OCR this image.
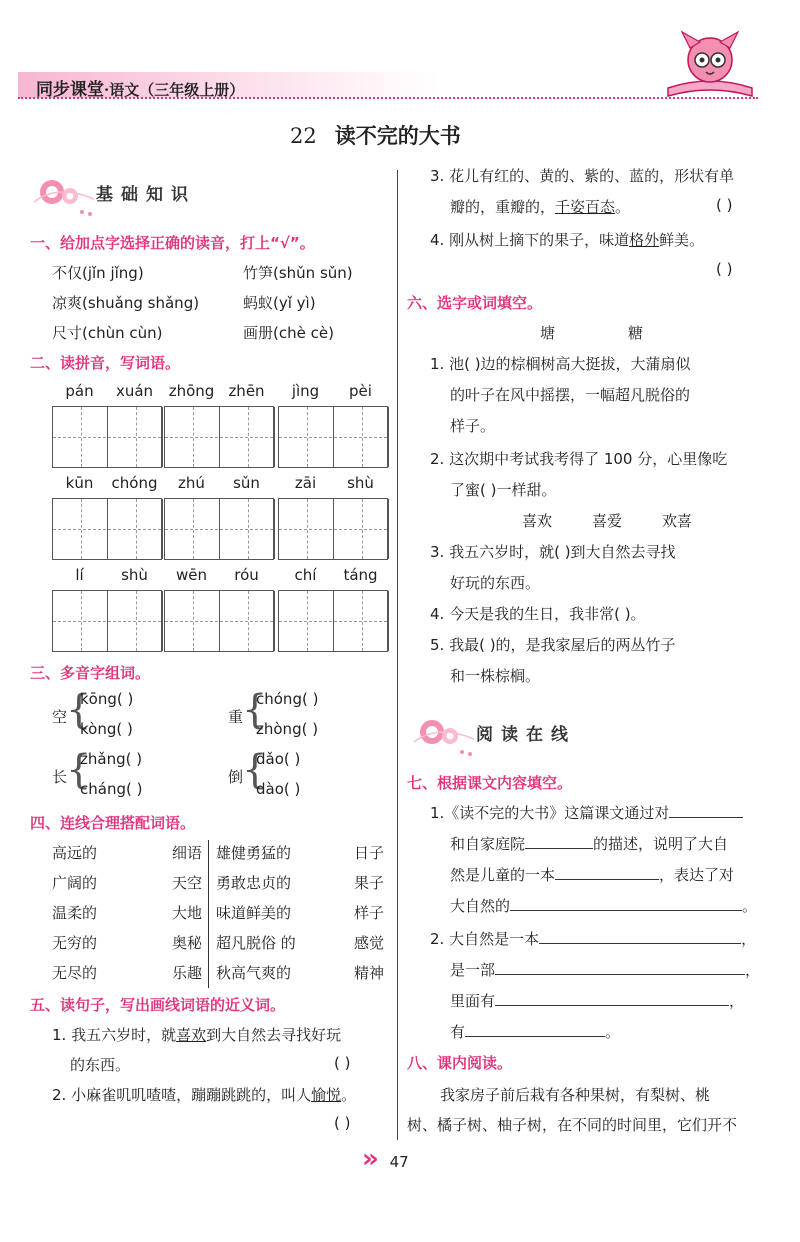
同步课堂·语文（三年级上册）
22 读不完的大书
基础知识
一、给加点字选择正确的读音，打上“√”。
不仅(jǐn jǐng)	竹笋(shǔn sǔn)
凉爽(shuǎng shǎng)	蚂蚁(yǐ yì)
尺寸(chùn cùn)	画册(chè cè)
二、读拼音，写词语。
pán	xuán	zhōng zhēn	jìng	pèi
kūn	chóng	zhú	sǔn	zāi	shù
lí	shù	wēn	róu	chí	táng
三、多音字组词。
空
{
kōng( )
kòng( )
重
{
chóng( )
zhòng( )
长
{
zhǎng( )
cháng( )
倒
{
dǎo( )
dào( )
四、连线合理搭配词语。
高远的	细语 雄健勇猛的	日子
广阔的	天空 勇敢忠贞的	果子
温柔的	大地 味道鲜美的	样子
无穷的	奥秘 超凡脱俗 的	感觉
无尽的	乐趣 秋高气爽的	精神
五、读句子，写出画线词语的近义词。
1. 我五六岁时，就喜欢到大自然去寻找好玩
的东西。	( )
2. 小麻雀叽叽喳喳，蹦蹦跳跳的，叫人愉悦。
( )
3. 花儿有红的、黄的、紫的、蓝的，形状有单
瓣的，重瓣的，千姿百态。	( )
4. 刚从树上摘下的果子，味道格外鲜美。
( )
六、选字或词填空。
塘	糖
1. 池( )边的棕榈树高大挺拔，大蒲扇似
的叶子在风中摇摆，一幅超凡脱俗的
样子。
2. 这次期中考试我考得了 100 分，心里像吃
了蜜( )一样甜。
喜欢	喜爱	欢喜
3. 我五六岁时，就( )到大自然去寻找
好玩的东西。
4. 今天是我的生日，我非常( )。
5. 我最( )的，是我家屋后的两丛竹子
和一株棕榈。
阅读在线
七、根据课文内容填空。
1.《读不完的大书》这篇课文通过对
和自家庭院	的描述，说明了大自
然是儿童的一本	，表达了对
大自然的	。
2. 大自然是一本	，
是一部	，
里面有	，
有	。
八、课内阅读。
我家房子前后栽有各种果树，有梨树、桃
树、橘子树、柚子树，在不同的时间里，它们开不
» 47
